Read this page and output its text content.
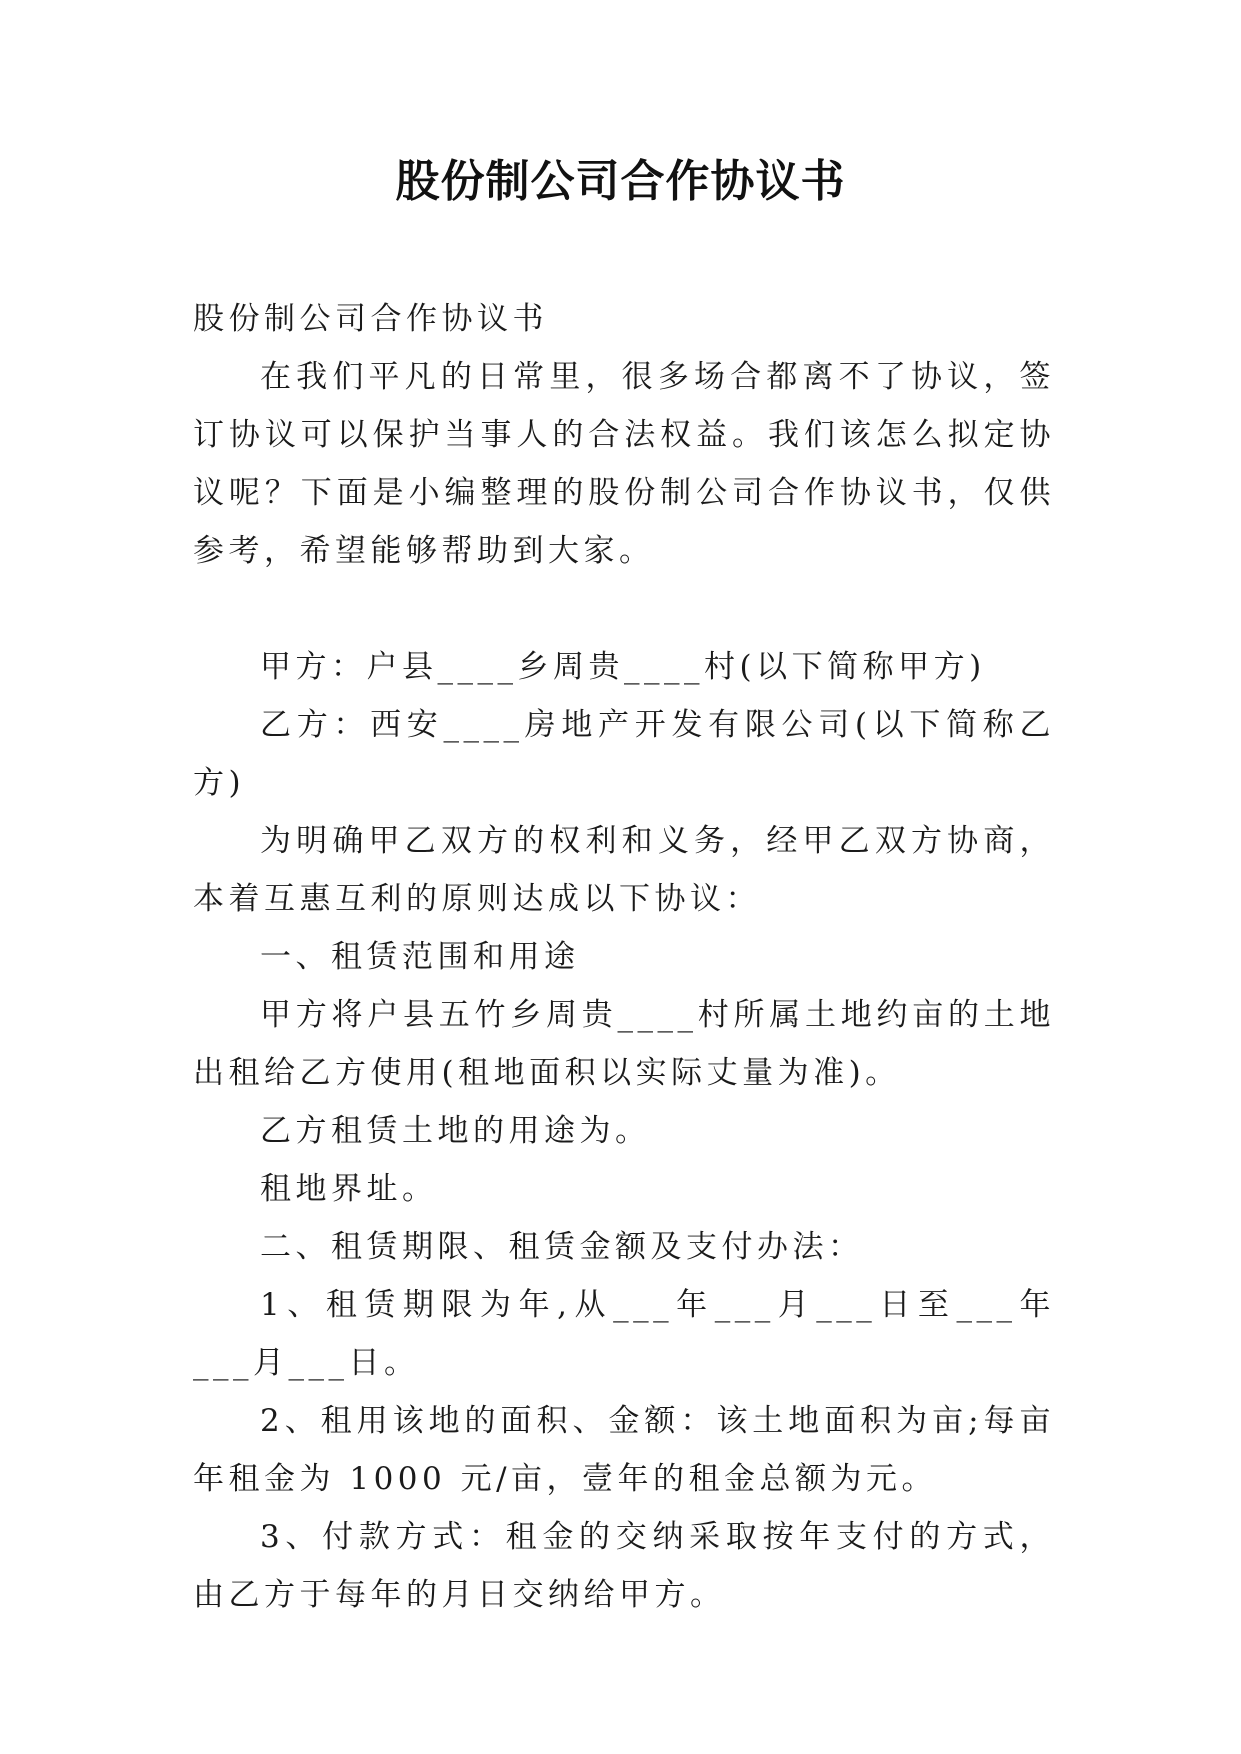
股份制公司合作协议书

股份制公司合作协议书

在我们平凡的日常里，很多场合都离不了协议，签订协议可以保护当事人的合法权益。我们该怎么拟定协议呢？下面是小编整理的股份制公司合作协议书，仅供参考，希望能够帮助到大家。

甲方：户县____乡周贵____村(以下简称甲方)

乙方：西安____房地产开发有限公司(以下简称乙方)

为明确甲乙双方的权利和义务，经甲乙双方协商，本着互惠互利的原则达成以下协议：

一、租赁范围和用途

甲方将户县五竹乡周贵____村所属土地约亩的土地出租给乙方使用(租地面积以实际丈量为准)。

乙方租赁土地的用途为。

租地界址。

二、租赁期限、租赁金额及支付办法：

1、租赁期限为年,从___年___月___日至___年___月___日。

2、租用该地的面积、金额：该土地面积为亩;每亩年租金为 1000 元/亩，壹年的租金总额为元。

3、付款方式：租金的交纳采取按年支付的方式，由乙方于每年的月日交纳给甲方。
